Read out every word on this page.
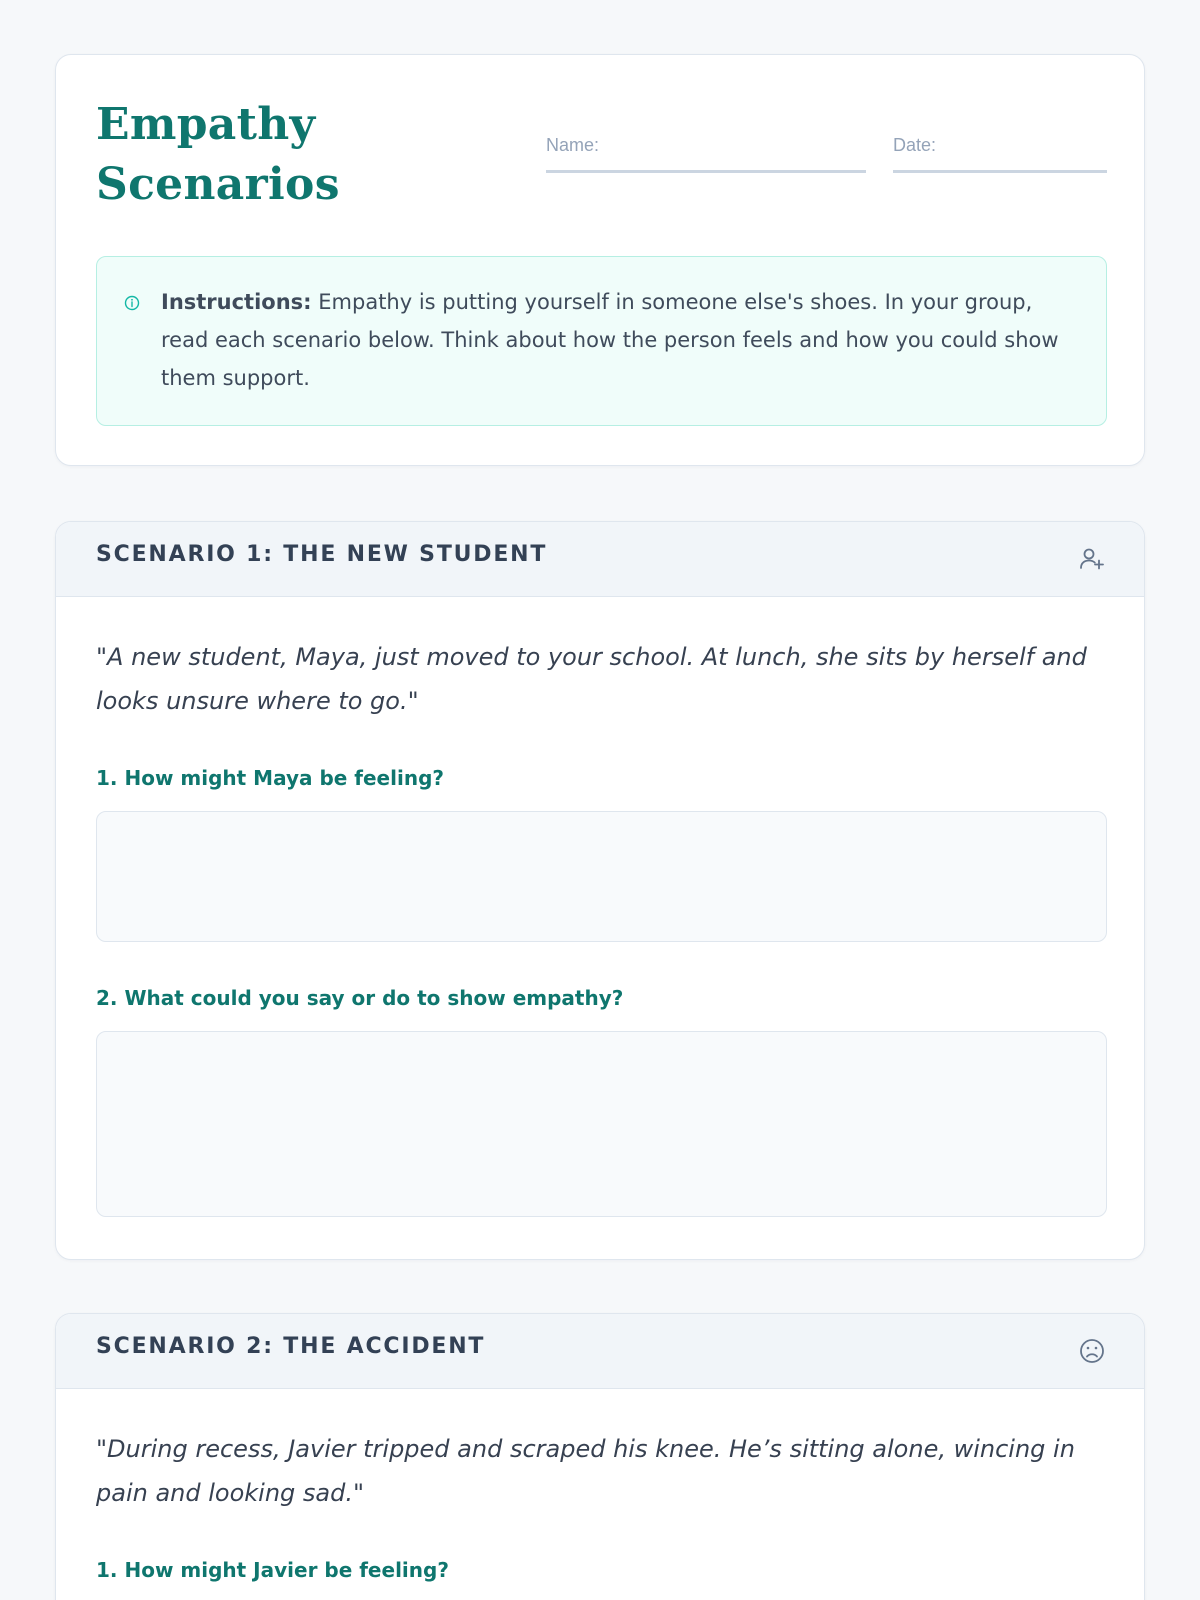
Empathy
Scenarios
Name:	Date:
Instructions: Empathy is putting yourself in someone else's shoes. In your group, read each scenario below. Think about how the person feels and how you could show them support.
SCENARIO 1: THE NEW STUDENT

"A new student, Maya, just moved to your school. At lunch, she sits by herself and looks unsure where to go."

1. How might Maya be feeling?

2. What could you say or do to show empathy?

SCENARIO 2: THE ACCIDENT

"During recess, Javier tripped and scraped his knee. He’s sitting alone, wincing in pain and looking sad."

1. How might Javier be feeling?
